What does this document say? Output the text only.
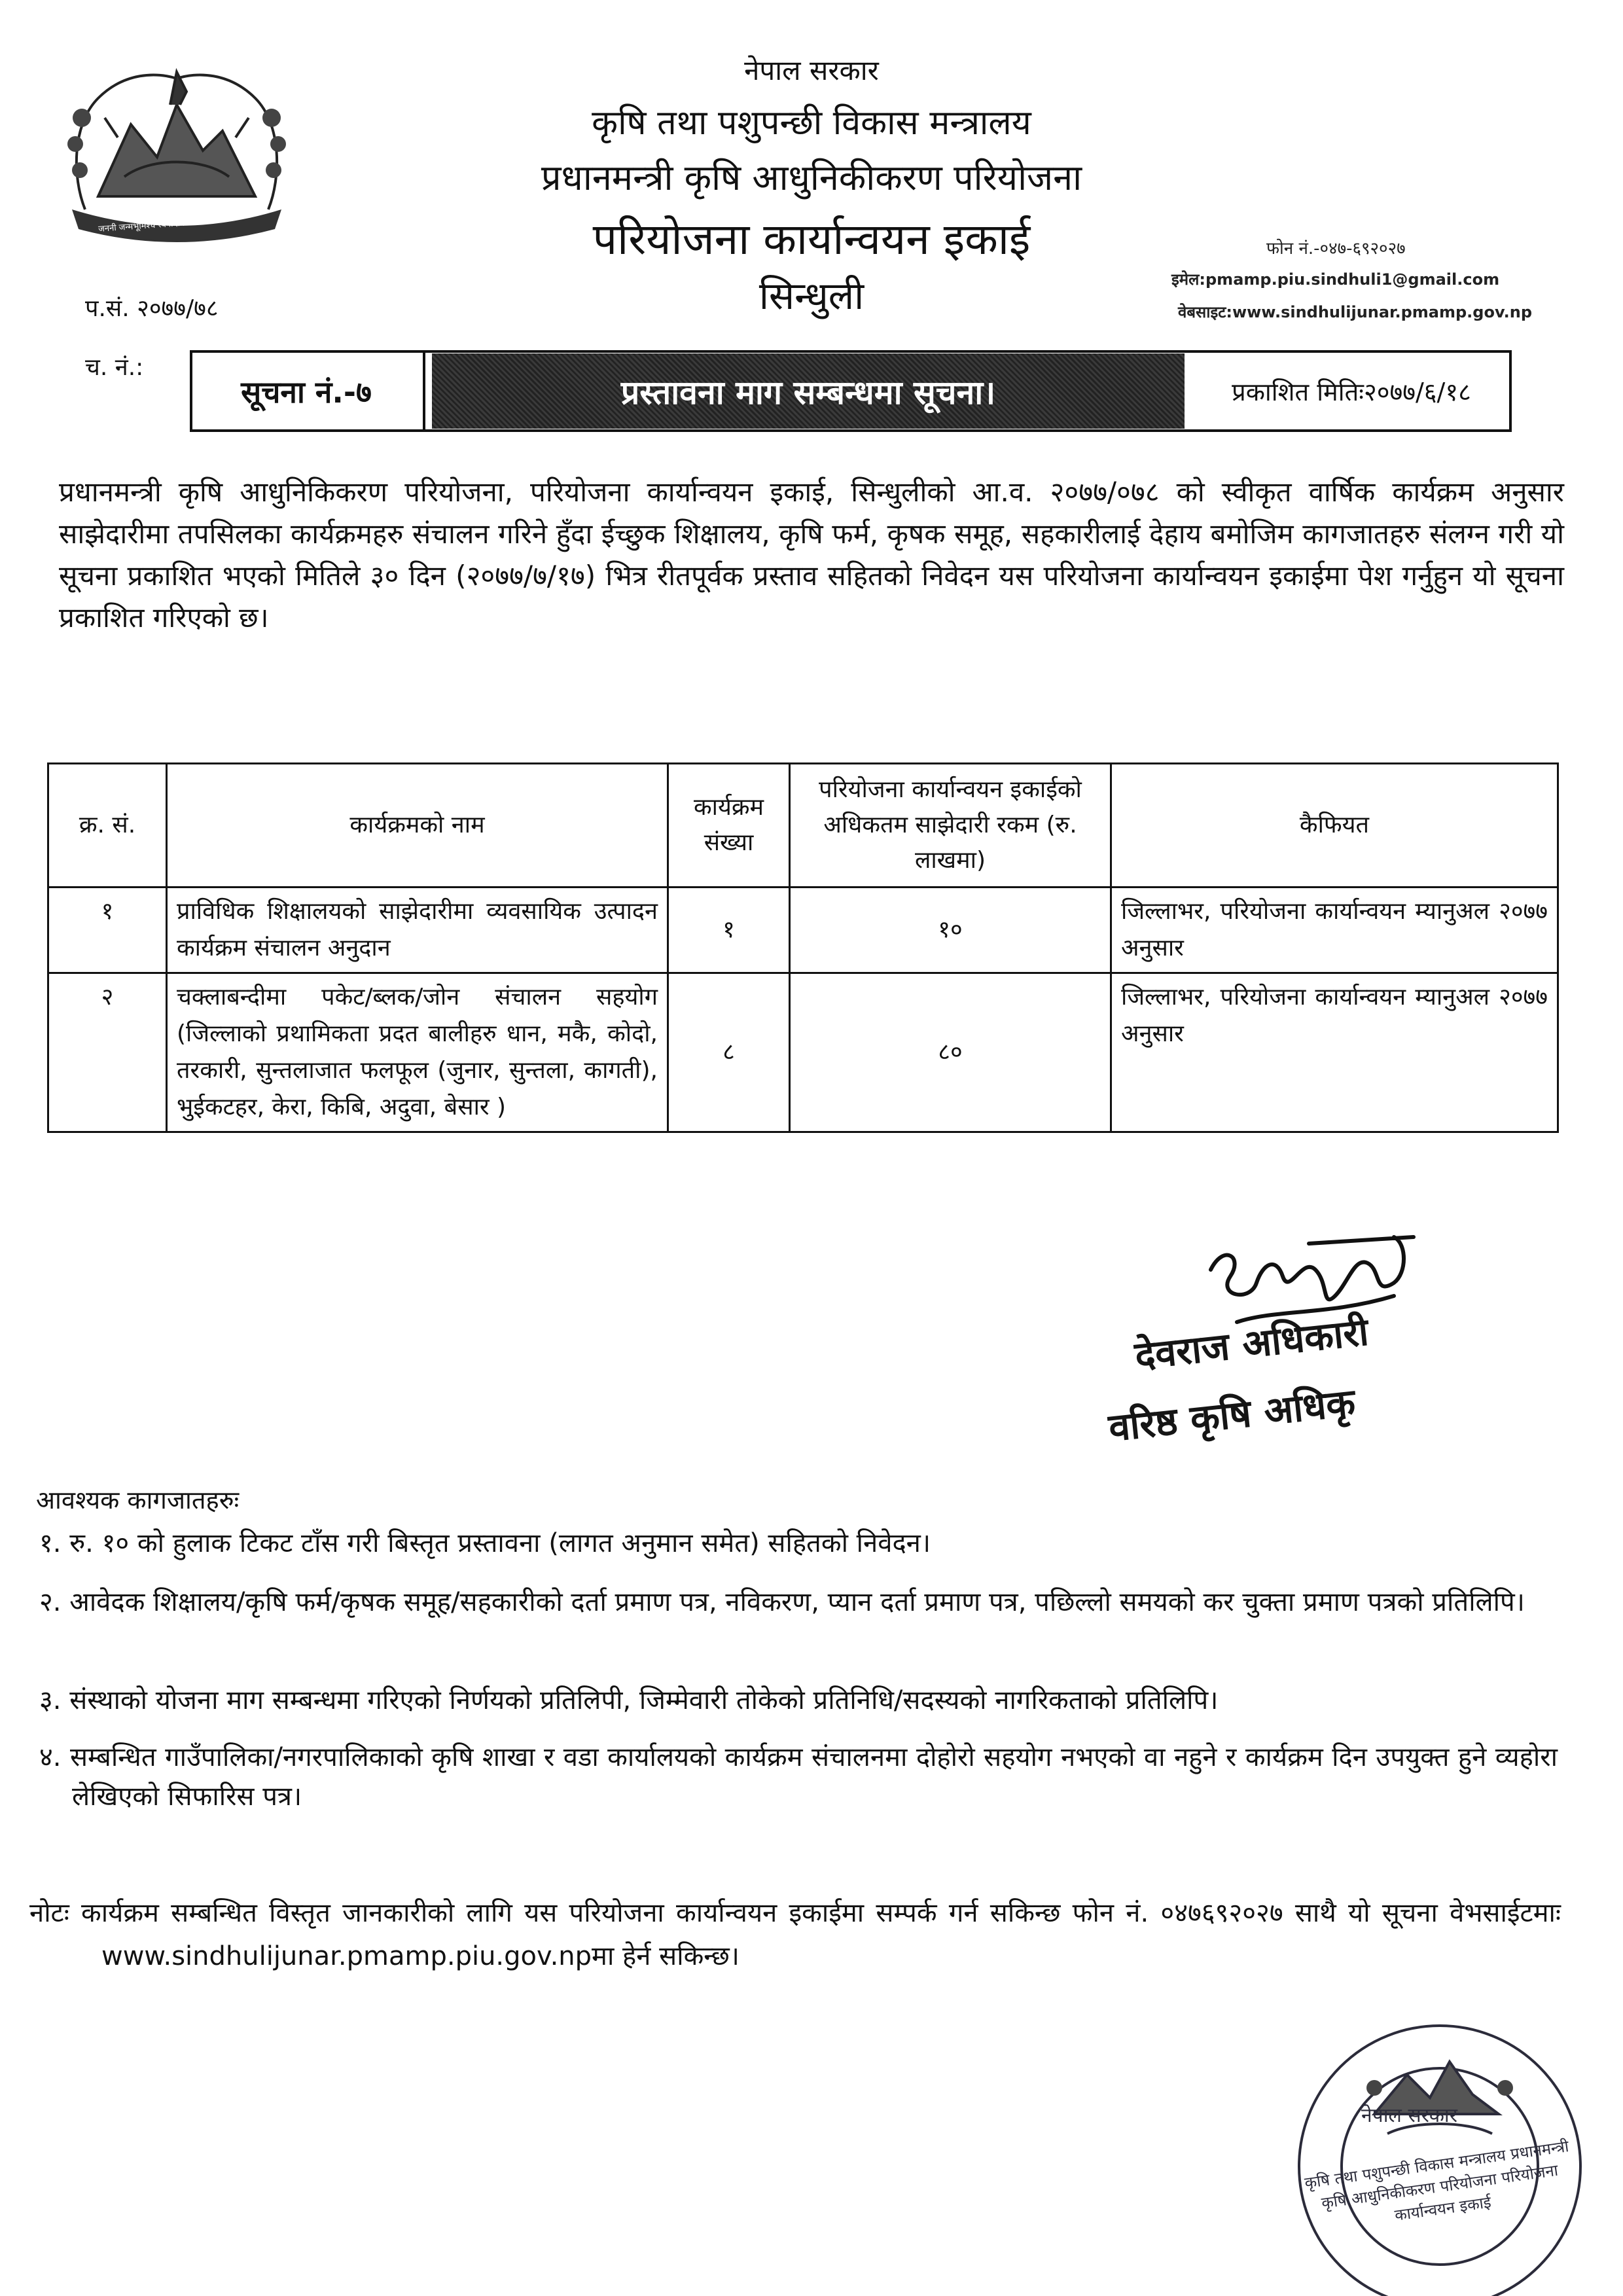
जननी जन्मभूमिश्च स्वर्गादपि गरीयसी
नेपाल सरकार
कृषि तथा पशुपन्छी विकास मन्त्रालय
प्रधानमन्त्री कृषि आधुनिकीकरण परियोजना
परियोजना कार्यान्वयन इकाई
सिन्धुली
फोन नं.-०४७-६९२०२७
इमेल:pmamp.piu.sindhuli1@gmail.com
वेबसाइट:www.sindhulijunar.pmamp.gov.np
प.सं. २०७७/७८
च. नं.:
सूचना नं.-७	प्रस्तावना माग सम्बन्धमा सूचना।	प्रकाशित मितिः२०७७/६/१८
प्रधानमन्त्री कृषि आधुनिकिकरण परियोजना, परियोजना कार्यान्वयन इकाई, सिन्धुलीको आ.व. २०७७/०७८ को स्वीकृत वार्षिक कार्यक्रम अनुसार साझेदारीमा तपसिलका कार्यक्रमहरु संचालन गरिने हुँदा ईच्छुक शिक्षालय, कृषि फर्म, कृषक समूह, सहकारीलाई देहाय बमोजिम कागजातहरु संलग्न गरी यो सूचना प्रकाशित भएको मितिले ३० दिन (२०७७/७/१७) भित्र रीतपूर्वक प्रस्ताव सहितको निवेदन यस परियोजना कार्यान्वयन इकाईमा पेश गर्नुहुन यो सूचना प्रकाशित गरिएको छ।
क्र. सं.	कार्यक्रमको नाम	कार्यक्रम संख्या	परियोजना कार्यान्वयन इकाईको अधिकतम साझेदारी रकम (रु. लाखमा)	कैफियत
१	प्राविधिक शिक्षालयको साझेदारीमा व्यवसायिक उत्पादन कार्यक्रम संचालन अनुदान	१	१०	जिल्लाभर, परियोजना कार्यान्वयन म्यानुअल २०७७ अनुसार
२	चक्लाबन्दीमा पकेट/ब्लक/जोन संचालन सहयोग (जिल्लाको प्रथामिकता प्रदत बालीहरु धान, मकै, कोदो, तरकारी, सुन्तलाजात फलफूल (जुनार, सुन्तला, कागती), भुईकटहर, केरा, किबि, अदुवा, बेसार )	८	८०	जिल्लाभर, परियोजना कार्यान्वयन म्यानुअल २०७७ अनुसार
देवराज अधिकारी
वरिष्ठ कृषि अधिकृ
आवश्यक कागजातहरुः
१. रु. १० को हुलाक टिकट टाँस गरी बिस्तृत प्रस्तावना (लागत अनुमान समेत) सहितको निवेदन।
२. आवेदक शिक्षालय/कृषि फर्म/कृषक समूह/सहकारीको दर्ता प्रमाण पत्र, नविकरण, प्यान दर्ता प्रमाण पत्र, पछिल्लो समयको कर चुक्ता प्रमाण पत्रको प्रतिलिपि।
३. संस्थाको योजना माग सम्बन्धमा गरिएको निर्णयको प्रतिलिपी, जिम्मेवारी तोकेको प्रतिनिधि/सदस्यको नागरिकताको प्रतिलिपि।
४. सम्बन्धित गाउँपालिका/नगरपालिकाको कृषि शाखा र वडा कार्यालयको कार्यक्रम संचालनमा दोहोरो सहयोग नभएको वा नहुने र कार्यक्रम दिन उपयुक्त हुने व्यहोरा लेखिएको सिफारिस पत्र।
नोटः कार्यक्रम सम्बन्धित विस्तृत जानकारीको लागि यस परियोजना कार्यान्वयन इकाईमा सम्पर्क गर्न सकिन्छ फोन नं. ०४७६९२०२७ साथै यो सूचना वेभसाईटमाः www.sindhulijunar.pmamp.piu.gov.npमा हेर्न सकिन्छ।
नेपाल सरकार
कृषि तथा पशुपन्छी विकास मन्त्रालय प्रधानमन्त्री कृषि आधुनिकीकरण परियोजना परियोजना कार्यान्वयन इकाई
